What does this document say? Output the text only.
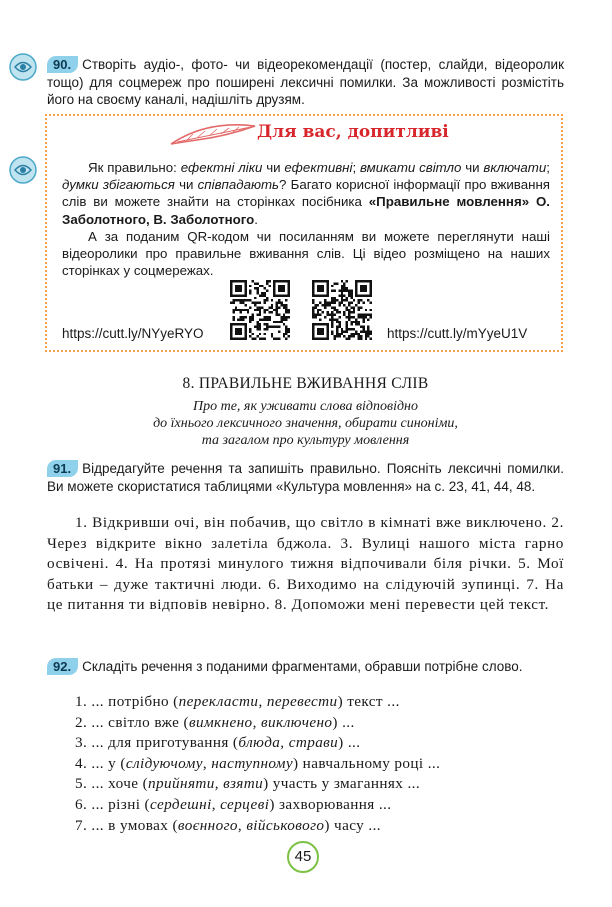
90. Створіть аудіо-, фото- чи відеорекомендації (постер, слайди, відеоролик тощо) для соцмереж про поширені лексичні помилки. За можливості розмістіть його на своєму каналі, надішліть друзям.
Для вас, допитливі

Як правильно: ефектні ліки чи ефективні; вмикати світло чи включати; думки збігаються чи співпадають? Багато корисної інформації про вживання слів ви можете знайти на сторінках посібника «Правильне мовлення» О. Заболотного, В. Заболотного.

А за поданим QR-кодом чи посиланням ви можете переглянути наші відеоролики про правильне вживання слів. Ці відео розміщено на наших сторінках у соцмережах.

https://cutt.ly/NYyeRYO	https://cutt.ly/mYyeU1V
8. ПРАВИЛЬНЕ ВЖИВАННЯ СЛІВ
Про те, як уживати слова відповідно
до їхнього лексичного значення, обирати синоніми,
та загалом про культуру мовлення
91. Відредагуйте речення та запишіть правильно. Поясніть лексичні помилки. Ви можете скористатися таблицями «Культура мовлення» на с. 23, 41, 44, 48.
1. Відкривши очі, він побачив, що світло в кімнаті вже виключено. 2. Через відкрите вікно залетіла бджола. 3. Вулиці нашого міста гарно освічені. 4. На протязі минулого тижня відпочивали біля річки. 5. Мої батьки – дуже тактичні люди. 6. Виходимо на слідуючій зупинці. 7. На це питання ти відповів невірно. 8. Допоможи мені перевести цей текст.
92. Складіть речення з поданими фрагментами, обравши потрібне слово.
1. ... потрібно (перекласти, перевести) текст ...
2. ... світло вже (вимкнено, виключено) ...
3. ... для приготування (блюда, страви) ...
4. ... у (слідуючому, наступному) навчальному році ...
5. ... хоче (прийняти, взяти) участь у змаганнях ...
6. ... різні (сердешні, серцеві) захворювання ...
7. ... в умовах (воєнного, військового) часу ...
45
